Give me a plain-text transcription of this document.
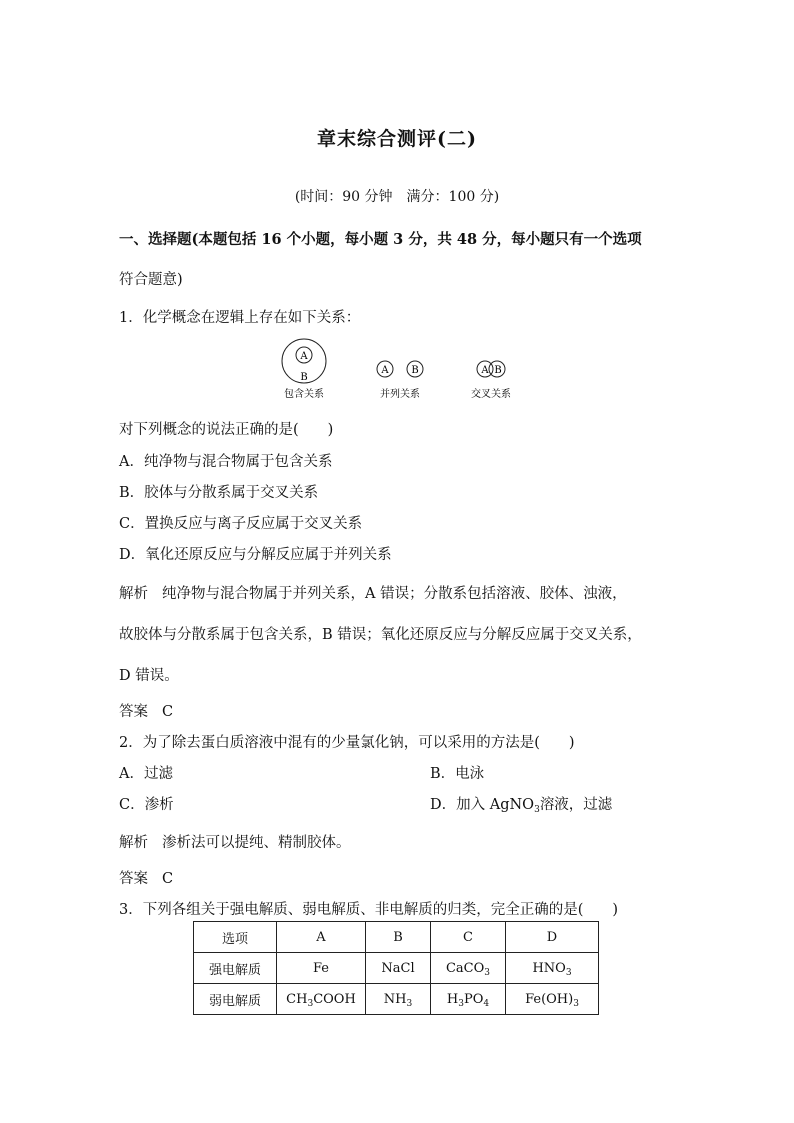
章末综合测评(二)
(时间：90 分钟　满分：100 分)
一、选择题(本题包括 16 个小题，每小题 3 分，共 48 分，每小题只有一个选项
符合题意)
1．化学概念在逻辑上存在如下关系：
A
B
包含关系
A B
并列关系
A B
交叉关系
对下列概念的说法正确的是(　　)
A．纯净物与混合物属于包含关系
B．胶体与分散系属于交叉关系
C．置换反应与离子反应属于交叉关系
D．氧化还原反应与分解反应属于并列关系
解析 纯净物与混合物属于并列关系，A 错误；分散系包括溶液、胶体、浊液，
故胶体与分散系属于包含关系，B 错误；氧化还原反应与分解反应属于交叉关系，
D 错误。
答案 C
2．为了除去蛋白质溶液中混有的少量氯化钠，可以采用的方法是(　　)
A．过滤	B．电泳
C．渗析	D．加入 AgNO$_3$溶液，过滤
解析 渗析法可以提纯、精制胶体。
答案 C
3．下列各组关于强电解质、弱电解质、非电解质的归类，完全正确的是(　　)
选项	A	B	C	D
强电解质	Fe	NaCl	CaCO$_3$	$HNO_3$
弱电解质	$CH_3COOH$	$NH_3$	$H_3PO_4$	$Fe(OH)_3$
